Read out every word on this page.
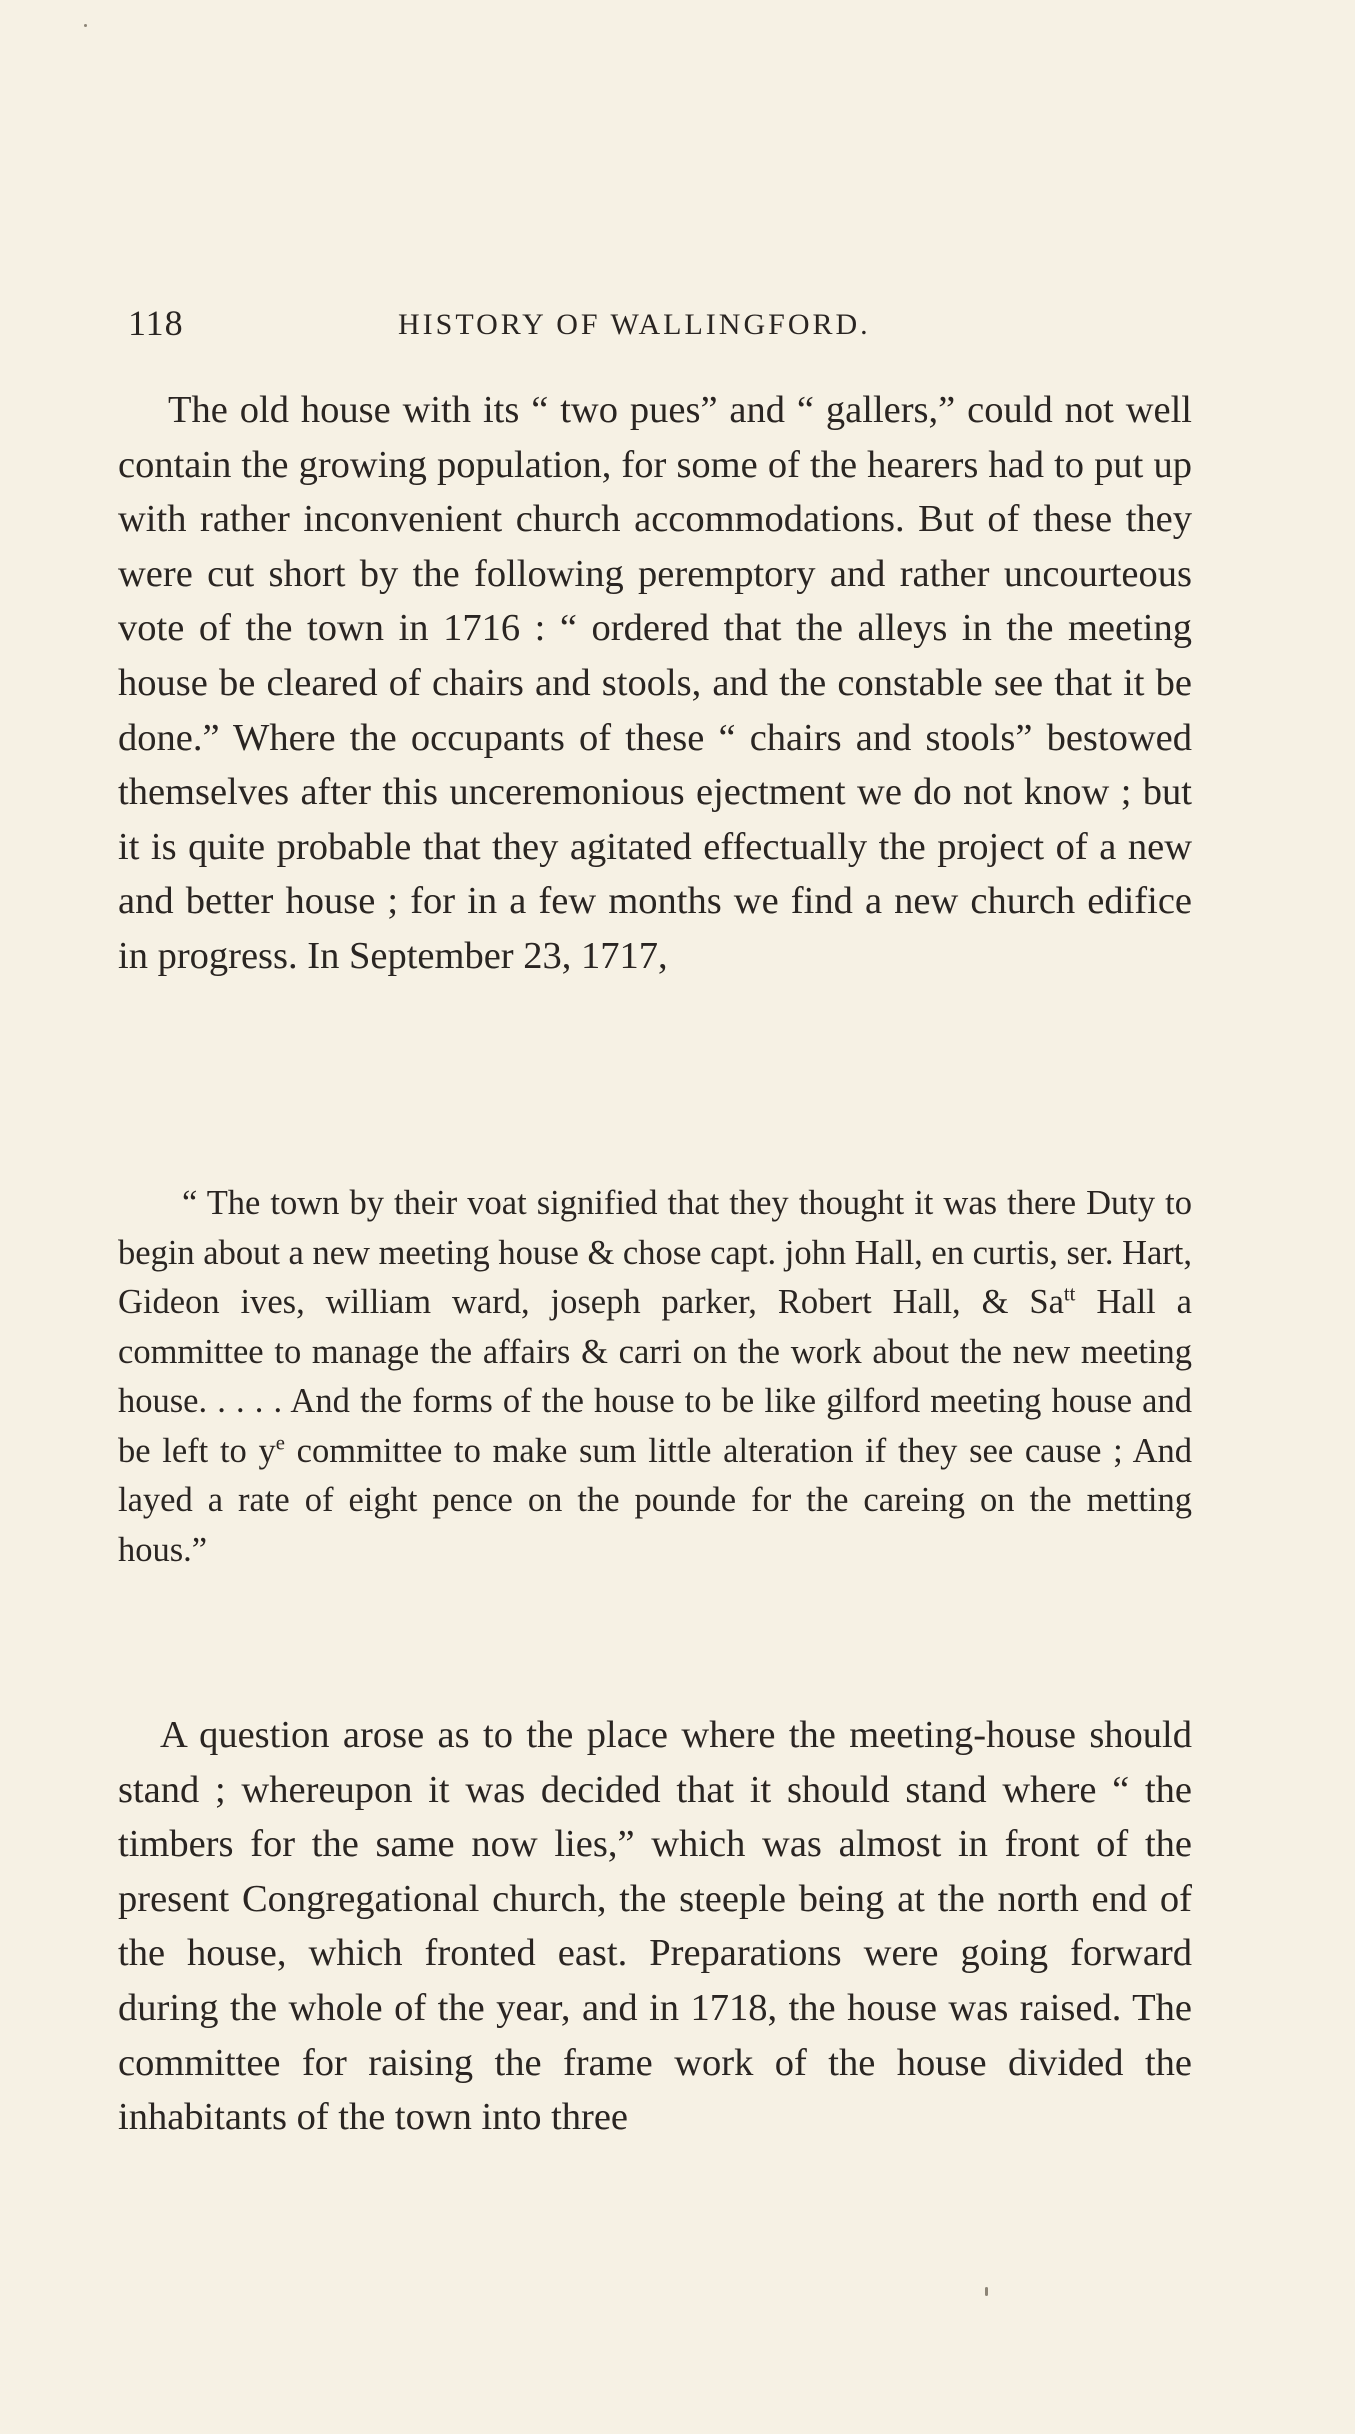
118	HISTORY OF WALLINGFORD.

The old house with its “ two pues” and “ gallers,” could not well contain the growing population, for some of the hearers had to put up with rather inconvenient church accommodations. But of these they were cut short by the following peremptory and rather uncourteous vote of the town in 1716 : “ ordered that the alleys in the meeting house be cleared of chairs and stools, and the constable see that it be done.” Where the occupants of these “ chairs and stools” bestowed themselves after this unceremonious ejectment we do not know ; but it is quite probable that they agitated effectually the project of a new and better house ; for in a few months we find a new church edifice in progress. In September 23, 1717,

“ The town by their voat signified that they thought it was there Duty to begin about a new meeting house & chose capt. john Hall, en curtis, ser. Hart, Gideon ives, william ward, joseph parker, Robert Hall, & $Sa^{tt}$ Hall a committee to manage the affairs & carri on the work about the new meeting house. . . . . And the forms of the house to be like gilford meeting house and be left to $y^e$ committee to make sum little alteration if they see cause ; And layed a rate of eight pence on the pounde for the careing on the metting hous.”

A question arose as to the place where the meeting-house should stand ; whereupon it was decided that it should stand where “ the timbers for the same now lies,” which was almost in front of the present Congregational church, the steeple being at the north end of the house, which fronted east. Preparations were going forward during the whole of the year, and in 1718, the house was raised. The committee for raising the frame work of the house divided the inhabitants of the town into three
